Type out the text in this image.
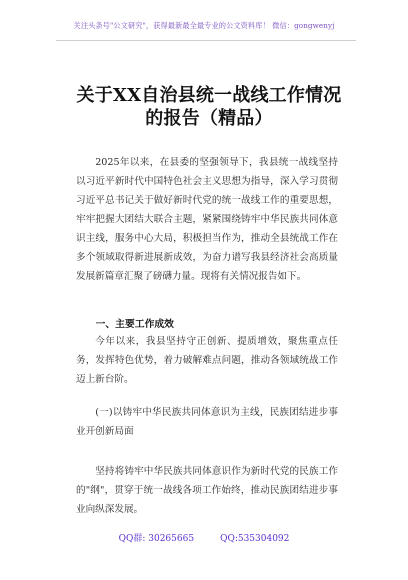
关注头条号"公文研究"，获得最新最全最专业的公文资料库！ 微信：gongwenyj
关于XX自治县统一战线工作情况的报告（精品）

2025年以来，在县委的坚强领导下，我县统一战线坚持以习近平新时代中国特色社会主义思想为指导，深入学习贯彻习近平总书记关于做好新时代党的统一战线工作的重要思想，牢牢把握大团结大联合主题，紧紧围绕铸牢中华民族共同体意识主线，服务中心大局，积极担当作为，推动全县统战工作在多个领域取得新进展新成效，为奋力谱写我县经济社会高质量发展新篇章汇聚了磅礴力量。现将有关情况报告如下。

一、主要工作成效

今年以来，我县坚持守正创新、提质增效，聚焦重点任务，发挥特色优势，着力破解难点问题，推动各领域统战工作迈上新台阶。

(一)以铸牢中华民族共同体意识为主线，民族团结进步事业开创新局面

坚持将铸牢中华民族共同体意识作为新时代党的民族工作的"纲"，贯穿于统一战线各项工作始终，推动民族团结进步事业向纵深发展。

QQ群: 30265665	QQ:535304092
